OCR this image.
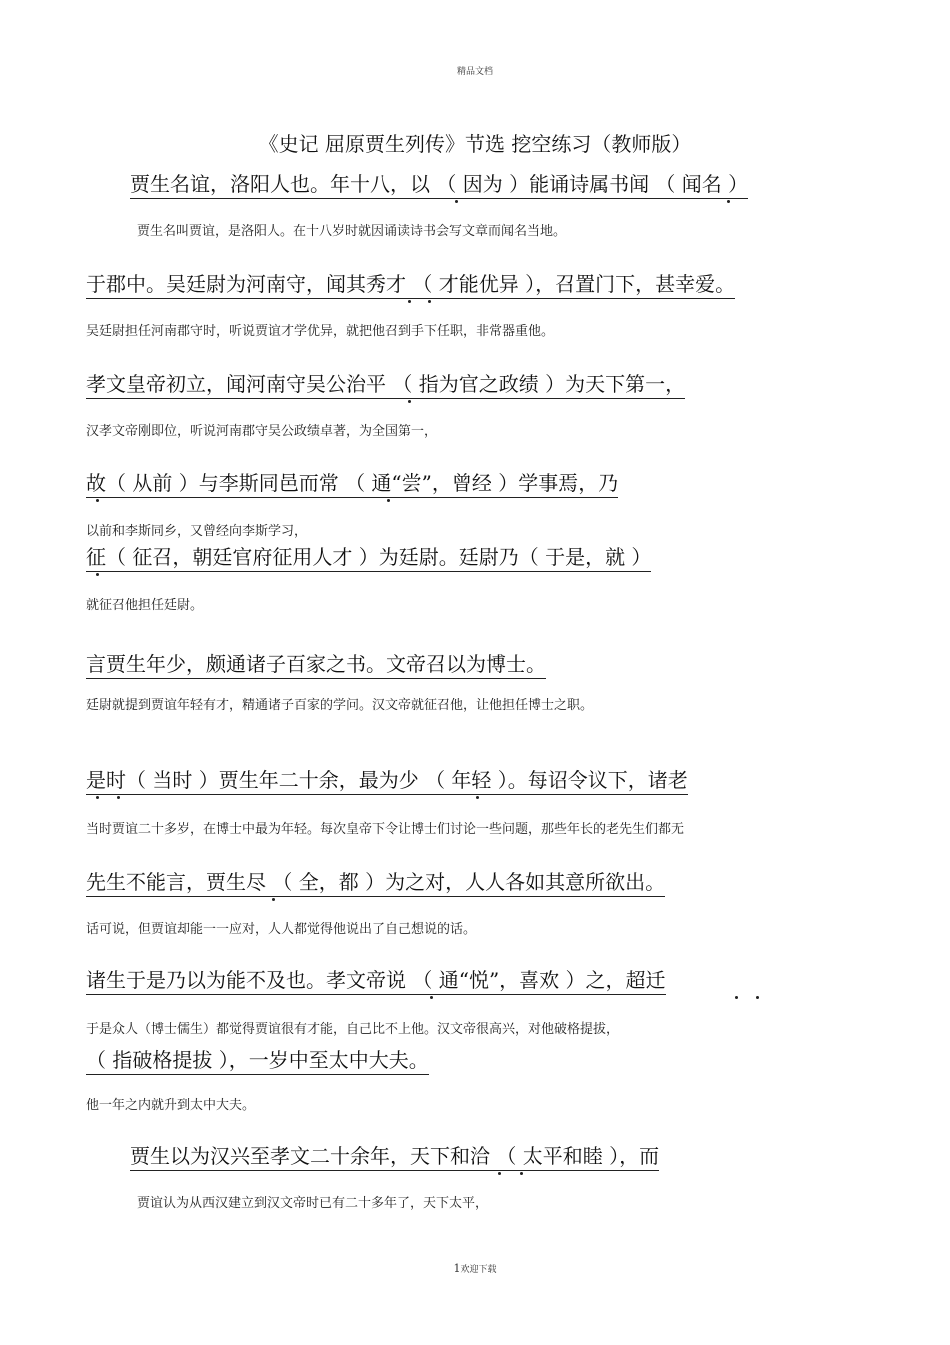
精品文档
《史记 屈原贾生列传》节选 挖空练习（教师版）
贾生名谊，洛阳人也。年十八，以 （ 因为 ）能诵诗属书闻 （ 闻名 ）
贾生名叫贾谊，是洛阳人。在十八岁时就因诵读诗书会写文章而闻名当地。
于郡中。吴廷尉为河南守，闻其秀才 （ 才能优异 ），召置门下，甚幸爱。
吴廷尉担任河南郡守时，听说贾谊才学优异，就把他召到手下任职，非常器重他。
孝文皇帝初立，闻河南守吴公治平 （ 指为官之政绩 ）为天下第一，
汉孝文帝刚即位，听说河南郡守吴公政绩卓著，为全国第一，
故（ 从前 ）与李斯同邑而常 （ 通“尝”，曾经 ）学事焉，乃
以前和李斯同乡，又曾经向李斯学习，
征（ 征召，朝廷官府征用人才 ）为廷尉。廷尉乃（ 于是，就 ）
就征召他担任廷尉。
言贾生年少，颇通诸子百家之书。文帝召以为博士。
廷尉就提到贾谊年轻有才，精通诸子百家的学问。汉文帝就征召他，让他担任博士之职。
是时（ 当时 ）贾生年二十余，最为少 （ 年轻 ）。每诏令议下，诸老
当时贾谊二十多岁，在博士中最为年轻。每次皇帝下令让博士们讨论一些问题，那些年长的老先生们都无
先生不能言，贾生尽 （ 全，都 ）为之对，人人各如其意所欲出。
话可说，但贾谊却能一一应对，人人都觉得他说出了自己想说的话。
诸生于是乃以为能不及也。孝文帝说 （ 通“悦”，喜欢 ）之，超迁
于是众人（博士儒生）都觉得贾谊很有才能，自己比不上他。汉文帝很高兴，对他破格提拔，
（ 指破格提拔 ），一岁中至太中大夫。
他一年之内就升到太中大夫。
贾生以为汉兴至孝文二十余年，天下和洽 （ 太平和睦 ），而
贾谊认为从西汉建立到汉文帝时已有二十多年了，天下太平，
1欢迎下载
